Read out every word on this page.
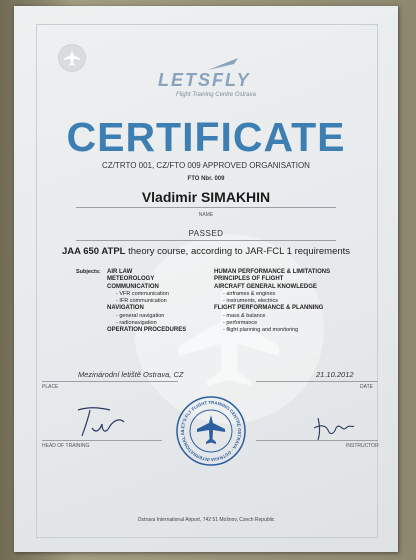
LETSFLY
Flight Training Centre Ostrava
CERTIFICATE
CZ/TRTO 001, CZ/FTO 009 APPROVED ORGANISATION
FTO Nbr. 009
Vladimir SIMAKHIN
NAME
PASSED
JAA 650 ATPL theory course, according to JAR-FCL 1 requirements
Subjects: AIR LAW
METEOROLOGY
COMMUNICATION
- VFR communication
- IFR communication
NAVIGATION
- general navigation
- radionavigation
OPERATION PROCEDURES
HUMAN PERFORMANCE & LIMITATIONS
PRINCIPLES OF FLIGHT
AIRCRAFT GENERAL KNOWLEDGE
- airframes & engines
- instruments, electrics
FLIGHT PERFORMANCE & PLANNING
- mass & balance
- performance
- flight planning and monitoring
Mezinárodní letiště Ostrava, CZ
PLACE
21.10.2012
DATE
HEAD OF TRAINING	INSTRUCTOR
LET'S FLY FLIGHT TRAINING CENTRE OSTRAVA · OSTRAVA INTERNATIONAL AI
Ostrava International Airport, 742 51 Mošnov, Czech Republic
